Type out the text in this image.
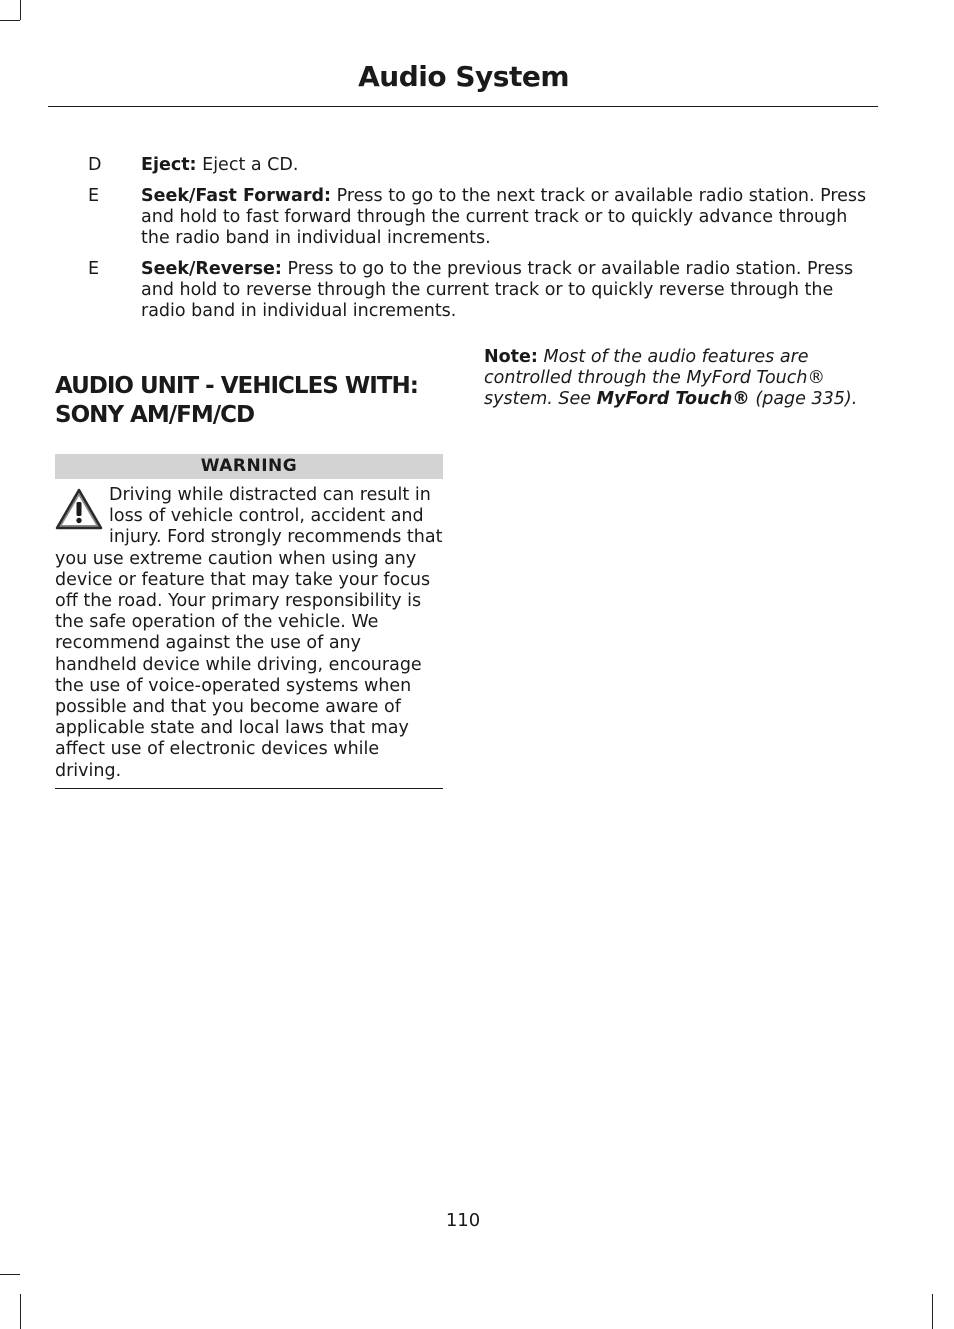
Audio System
D	Eject: Eject a CD.
E	Seek/Fast Forward: Press to go to the next track or available radio station. Press and hold to fast forward through the current track or to quickly advance through the radio band in individual increments.
E	Seek/Reverse: Press to go to the previous track or available radio station. Press and hold to reverse through the current track or to quickly reverse through the radio band in individual increments.
AUDIO UNIT - VEHICLES WITH: SONY AM/FM/CD
WARNING
Driving while distracted can result in loss of vehicle control, accident and injury. Ford strongly recommends that you use extreme caution when using any device or feature that may take your focus off the road. Your primary responsibility is the safe operation of the vehicle. We recommend against the use of any handheld device while driving, encourage the use of voice-operated systems when possible and that you become aware of applicable state and local laws that may affect use of electronic devices while driving.
Note: Most of the audio features are controlled through the MyFord Touch® system. See MyFord Touch® (page 335).
110
